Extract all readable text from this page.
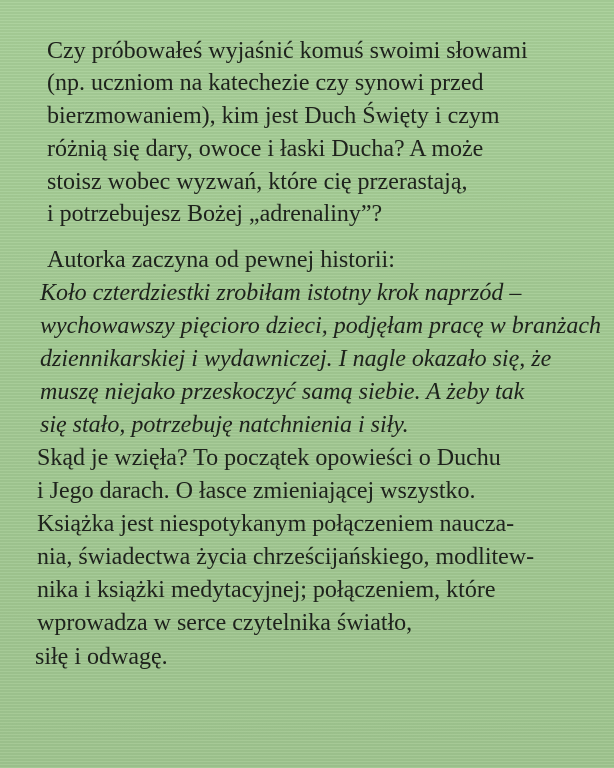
Czy próbowałeś wyjaśnić komuś swoimi słowami
(np. uczniom na katechezie czy synowi przed
bierzmowaniem), kim jest Duch Święty i czym
różnią się dary, owoce i łaski Ducha? A może
stoisz wobec wyzwań, które cię przerastają,
i potrzebujesz Bożej „adrenaliny”?
Autorka zaczyna od pewnej historii:
Koło czterdziestki zrobiłam istotny krok naprzód –
wychowawszy pięcioro dzieci, podjęłam pracę w branżach
dziennikarskiej i wydawniczej. I nagle okazało się, że
muszę niejako przeskoczyć samą siebie. A żeby tak
się stało, potrzebuję natchnienia i siły.
Skąd je wzięła? To początek opowieści o Duchu
i Jego darach. O łasce zmieniającej wszystko.
Książka jest niespotykanym połączeniem naucza-
nia, świadectwa życia chrześcijańskiego, modlitew-
nika i książki medytacyjnej; połączeniem, które
wprowadza w serce czytelnika światło,
siłę i odwagę.
